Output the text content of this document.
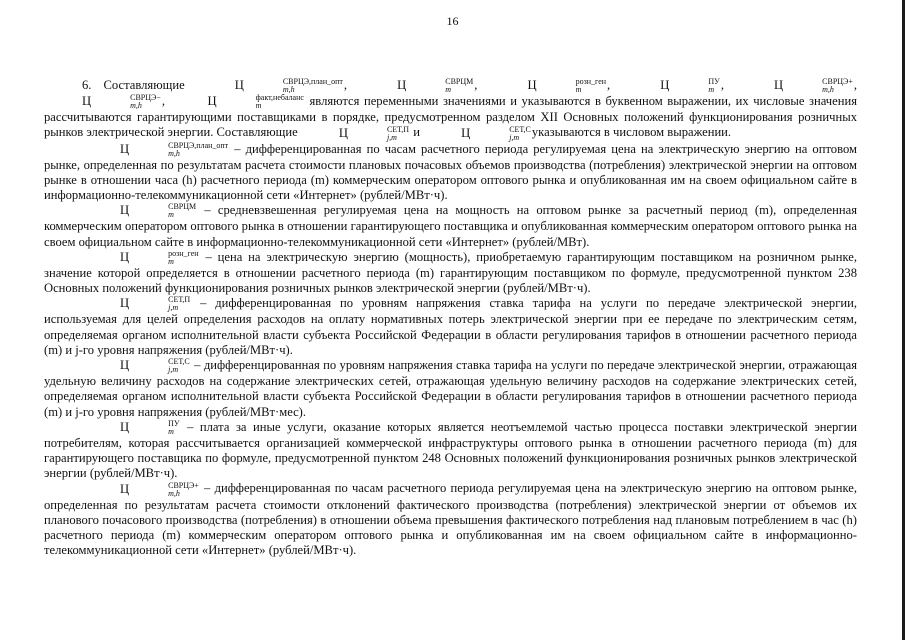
16

6. Составляющие	Ц	СВРЦЭ,план_опт
m,h	,	Ц	СВРЦМ
m	,	Ц	розн_ген
m	,	Ц	ПУ
m ,	Ц	СВРЦЭ+
m,h	, Ц	СВРЦЭ−
m,h	,	Ц	факт,небаланс
m	являются переменными значениями и указываются в буквенном выражении, их числовые значения рассчитываются гарантирующими поставщиками в порядке, предусмотренном разделом XII Основных положений функционирования розничных рынков электрической энергии. Составляющие	Ц	СЕТ,П
j,m	и	Ц	СЕТ,С
j,m	указываются в числовом выражении.

Ц	СВРЦЭ,план_опт
m,h	– дифференцированная по часам расчетного периода регулируемая цена на электрическую энергию на оптовом рынке, определенная по результатам расчета стоимости плановых почасовых объемов производства (потребления) электрической энергии на оптовом рынке в отношении часа (h) расчетного периода (m) коммерческим оператором оптового рынка и опубликованная им на своем официальном сайте в информационно-телекоммуникационной сети «Интернет» (рублей/МВт·ч).

Ц	СВРЦМ
m	– средневзвешенная регулируемая цена на мощность на оптовом рынке за расчетный период (m), определенная коммерческим оператором оптового рынка в отношении гарантирующего поставщика и опубликованная коммерческим оператором оптового рынка на своем официальном сайте в информационно-телекоммуникационной сети «Интернет» (рублей/МВт).

Ц	розн_ген
m	– цена на электрическую энергию (мощность), приобретаемую гарантирующим поставщиком на розничном рынке, значение которой определяется в отношении расчетного периода (m) гарантирующим поставщиком по формуле, предусмотренной пунктом 238 Основных положений функционирования розничных рынков электрической энергии (рублей/МВт·ч).

Ц	СЕТ,П
j,m	– дифференцированная по уровням напряжения ставка тарифа на услуги по передаче электрической энергии, используемая для целей определения расходов на оплату нормативных потерь электрической энергии при ее передаче по электрическим сетям, определяемая органом исполнительной власти субъекта Российской Федерации в области регулирования тарифов в отношении расчетного периода (m) и j-го уровня напряжения (рублей/МВт·ч).

Ц	СЕТ,С
j,m	– дифференцированная по уровням напряжения ставка тарифа на услуги по передаче электрической энергии, отражающая удельную величину расходов на содержание электрических сетей, отражающая удельную величину расходов на содержание электрических сетей, определяемая органом исполнительной власти субъекта Российской Федерации в области регулирования тарифов в отношении расчетного периода (m) и j-го уровня напряжения (рублей/МВт·мес).

Ц	ПУ
m – плата за иные услуги, оказание которых является неотъемлемой частью процесса поставки электрической энергии потребителям, которая рассчитывается организацией коммерческой инфраструктуры оптового рынка в отношении расчетного периода (m) для гарантирующего поставщика по формуле, предусмотренной пунктом 248 Основных положений функционирования розничных рынков электрической энергии (рублей/МВт·ч).

Ц	СВРЦЭ+
m,h	– дифференцированная по часам расчетного периода регулируемая цена на электрическую энергию на оптовом рынке, определенная по результатам расчета стоимости отклонений фактического производства (потребления) электрической энергии от объемов их планового почасового производства (потребления) в отношении объема превышения фактического потребления над плановым потреблением в час (h) расчетного периода (m) коммерческим оператором оптового рынка и опубликованная им на своем официальном сайте в информационно-телекоммуникационной сети «Интернет» (рублей/МВт·ч).
